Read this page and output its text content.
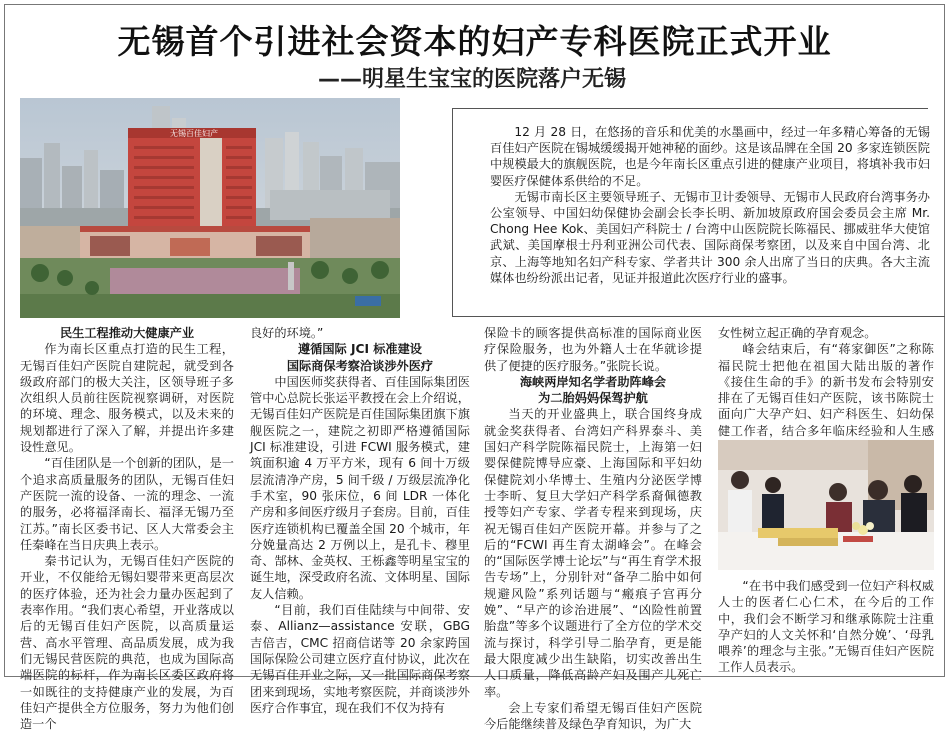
无锡首个引进社会资本的妇产专科医院正式开业
——明星生宝宝的医院落户无锡
无锡百佳妇产	12 月 28 日，在悠扬的音乐和优美的水墨画中，经过一年多精心筹备的无锡百佳妇产医院在锡城缓缓揭开她神秘的面纱。这是该品牌在全国 20 多家连锁医院中规模最大的旗舰医院，也是今年南长区重点引进的健康产业项目，将填补我市妇婴医疗保健体系供给的不足。

无锡市南长区主要领导班子、无锡市卫计委领导、无锡市人民政府台湾事务办公室领导、中国妇幼保健协会副会长李长明、新加坡原政府国会委员会主席 Mr. Chong Hee Kok、美国妇产科院士 / 台湾中山医院院长陈福民、挪威驻华大使馆武斌、美国摩根士丹利亚洲公司代表、国际商保考察团，以及来自中国台湾、北京、上海等地知名妇产科专家、学者共计 300 余人出席了当日的庆典。各大主流媒体也纷纷派出记者，见证并报道此次医疗行业的盛事。

民生工程推动大健康产业

作为南长区重点打造的民生工程，无锡百佳妇产医院自建院起，就受到各级政府部门的极大关注，区领导班子多次组织人员前往医院视察调研，对医院的环境、理念、服务模式，以及未来的规划都进行了深入了解，并提出许多建设性意见。

“百佳团队是一个创新的团队，是一个追求高质量服务的团队，无锡百佳妇产医院一流的设备、一流的理念、一流的服务，必将福泽南长、福泽无锡乃至江苏。”南长区委书记、区人大常委会主任秦峰在当日庆典上表示。

秦书记认为，无锡百佳妇产医院的开业，不仅能给无锡妇婴带来更高层次的医疗体验，还为社会力量办医起到了表率作用。“我们衷心希望，开业落成以后的无锡百佳妇产医院，以高质量运营、高水平管理、高品质发展，成为我们无锡民营医院的典范，也成为国际高端医院的标杆，作为南长区委区政府将一如既往的支持健康产业的发展，为百佳妇产提供全方位服务，努力为他们创造一个

良好的环境。”
遵循国际 JCI 标准建设
国际商保考察洽谈涉外医疗

中国医师奖获得者、百佳国际集团医管中心总院长张运平教授在会上介绍说，无锡百佳妇产医院是百佳国际集团旗下旗舰医院之一，建院之初即严格遵循国际 JCI 标准建设，引进 FCWI 服务模式，建筑面积逾 4 万平方米，现有 6 间十万级层流清净产房，5 间千级 / 万级层流净化手术室，90 张床位，6 间 LDR 一体化产房和多间医疗级月子套房。目前，百佳医疗连锁机构已覆盖全国 20 个城市，年分娩量高达 2 万例以上，是孔卡、穆里奇、郜林、金英权、王栎鑫等明星宝宝的诞生地，深受政府名流、文体明星、国际友人信赖。

“目前，我们百佳陆续与中间带、安泰、Allianz—assistance 安联，GBG 吉倍吉，CMC 招商信诺等 20 余家跨国国际保险公司建立医疗直付协议，此次在无锡百佳开业之际，又一批国际商保考察团来到现场，实地考察医院，并商谈涉外医疗合作事宜，现在我们不仅为持有

保险卡的顾客提供高标准的国际商业医疗保险服务，也为外籍人士在华就诊提供了便捷的医疗服务。”张院长说。
海峡两岸知名学者助阵峰会
为二胎妈妈保驾护航

当天的开业盛典上，联合国终身成就金奖获得者、台湾妇产科界泰斗、美国妇产科学院陈福民院士，上海第一妇婴保健院博导应豪、上海国际和平妇幼保健院刘小华博士、生殖内分泌医学博士李昕、复旦大学妇产科学系裔佩德教授等妇产专家、学者专程来到现场，庆祝无锡百佳妇产医院开幕。并参与了之后的“FCWI 再生育太湖峰会”。在峰会的“国际医学博士论坛”与“再生育学术报告专场”上，分别针对“备孕二胎中如何规避风险”系列话题与“瘢痕子宫再分娩”、“早产的诊治进展”、“凶险性前置胎盘”等多个议题进行了全方位的学术交流与探讨，科学引导二胎孕育，更是能最大限度减少出生缺陷，切实改善出生人口质量，降低高龄产妇及围产儿死亡率。

会上专家们希望无锡百佳妇产医院今后能继续普及绿色孕育知识，为广大

女性树立起正确的孕育观念。

峰会结束后，有“蒋家御医”之称陈福民院士把他在祖国大陆出版的著作《接住生命的手》的新书发布会特别安排在了无锡百佳妇产医院，该书陈院士面向广大孕产妇、妇产科医生、妇幼保健工作者，结合多年临床经验和人生感

“在书中我们感受到一位妇产科权威人士的医者仁心仁术，在今后的工作中，我们会不断学习和继承陈院士注重孕产妇的人文关怀和‘自然分娩’、‘母乳喂养’的理念与主张。”无锡百佳妇产医院工作人员表示。
